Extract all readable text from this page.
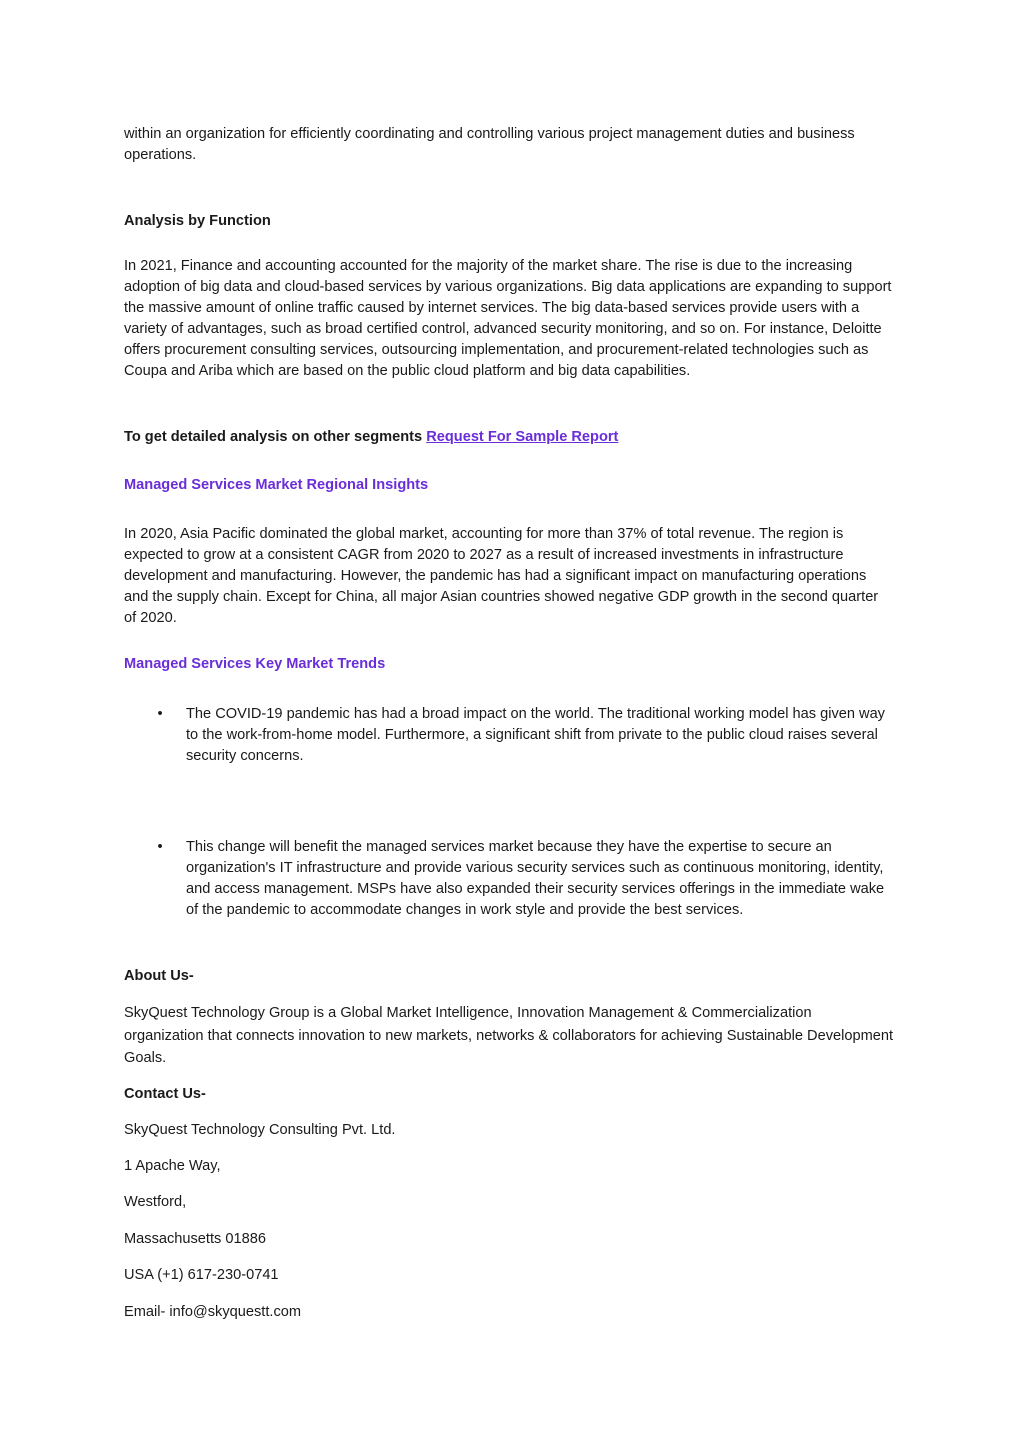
within an organization for efficiently coordinating and controlling various project management duties and business operations.

Analysis by Function

In 2021, Finance and accounting accounted for the majority of the market share. The rise is due to the increasing adoption of big data and cloud-based services by various organizations. Big data applications are expanding to support the massive amount of online traffic caused by internet services. The big data-based services provide users with a variety of advantages, such as broad certified control, advanced security monitoring, and so on. For instance, Deloitte offers procurement consulting services, outsourcing implementation, and procurement-related technologies such as Coupa and Ariba which are based on the public cloud platform and big data capabilities.

To get detailed analysis on other segments Request For Sample Report

Managed Services Market Regional Insights

In 2020, Asia Pacific dominated the global market, accounting for more than 37% of total revenue. The region is expected to grow at a consistent CAGR from 2020 to 2027 as a result of increased investments in infrastructure development and manufacturing. However, the pandemic has had a significant impact on manufacturing operations and the supply chain. Except for China, all major Asian countries showed negative GDP growth in the second quarter of 2020.

Managed Services Key Market Trends

• The COVID-19 pandemic has had a broad impact on the world. The traditional working model has given way to the work-from-home model. Furthermore, a significant shift from private to the public cloud raises several security concerns.
• This change will benefit the managed services market because they have the expertise to secure an organization's IT infrastructure and provide various security services such as continuous monitoring, identity, and access management. MSPs have also expanded their security services offerings in the immediate wake of the pandemic to accommodate changes in work style and provide the best services.

About Us-

SkyQuest Technology Group is a Global Market Intelligence, Innovation Management & Commercialization organization that connects innovation to new markets, networks & collaborators for achieving Sustainable Development Goals.

Contact Us-

SkyQuest Technology Consulting Pvt. Ltd.

1 Apache Way,

Westford,

Massachusetts 01886

USA (+1) 617-230-0741

Email- info@skyquestt.com
